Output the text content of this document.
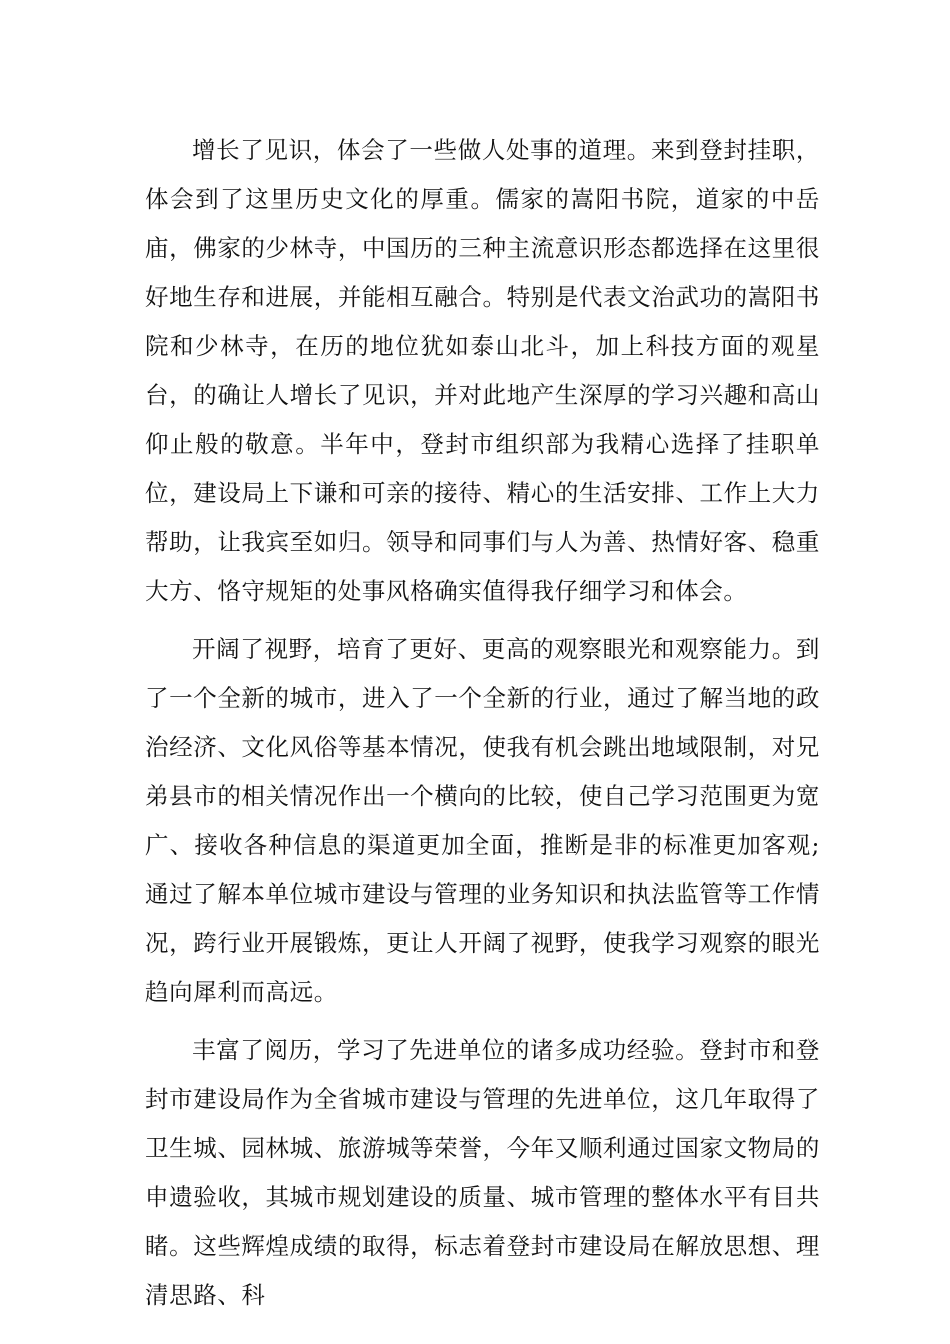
增长了见识，体会了一些做人处事的道理。来到登封挂职，体会到了这里历史文化的厚重。儒家的嵩阳书院，道家的中岳庙，佛家的少林寺，中国历的三种主流意识形态都选择在这里很好地生存和进展，并能相互融合。特别是代表文治武功的嵩阳书院和少林寺，在历的地位犹如泰山北斗，加上科技方面的观星台，的确让人增长了见识，并对此地产生深厚的学习兴趣和高山仰止般的敬意。半年中，登封市组织部为我精心选择了挂职单位，建设局上下谦和可亲的接待、精心的生活安排、工作上大力帮助，让我宾至如归。领导和同事们与人为善、热情好客、稳重大方、恪守规矩的处事风格确实值得我仔细学习和体会。

开阔了视野，培育了更好、更高的观察眼光和观察能力。到了一个全新的城市，进入了一个全新的行业，通过了解当地的政治经济、文化风俗等基本情况，使我有机会跳出地域限制，对兄弟县市的相关情况作出一个横向的比较，使自己学习范围更为宽广、接收各种信息的渠道更加全面，推断是非的标准更加客观;通过了解本单位城市建设与管理的业务知识和执法监管等工作情况，跨行业开展锻炼，更让人开阔了视野，使我学习观察的眼光趋向犀利而高远。

丰富了阅历，学习了先进单位的诸多成功经验。登封市和登封市建设局作为全省城市建设与管理的先进单位，这几年取得了卫生城、园林城、旅游城等荣誉，今年又顺利通过国家文物局的申遗验收，其城市规划建设的质量、城市管理的整体水平有目共睹。这些辉煌成绩的取得，标志着登封市建设局在解放思想、理清思路、科
